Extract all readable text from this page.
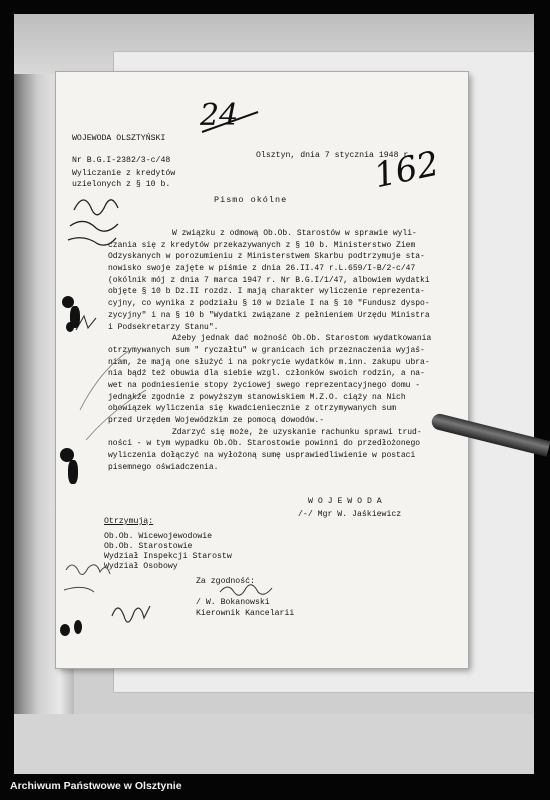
WOJEWODA OLSZTYŃSKI
Nr B.G.I-2382/3-c/48
Wyliczanie z kredytów
uzielonych z § 10 b.
Olsztyn, dnia 7 stycznia 1948 r.
24
162
Pismo okólne
W związku z odmową Ob.Ob. Starostów w sprawie wyli-
czania się z kredytów przekazywanych z § 10 b. Ministerstwo Ziem
Odzyskanych w porozumieniu z Ministerstwem Skarbu podtrzymuje sta-
nowisko swoje zajęte w piśmie z dnia 26.II.47 r.L.659/I-B/2-c/47
(okólnik mój z dnia 7 marca 1947 r. Nr B.G.I/1/47, albowiem wydatki
objęte § 10 b Dz.II rozdz. I mają charakter wyliczenie reprezenta-
cyjny, co wynika z podziału § 10 w Dziale I na § 10 "Fundusz dyspo-
zycyjny" i na § 10 b "Wydatki związane z pełnieniem Urzędu Ministra
i Podsekretarzy Stanu".
Aźeby jednak dać możność Ob.Ob. Starostom wydatkowania
otrzymywanych sum " ryczałtu" w granicach ich przeznaczenia wyjaś-
niam, że mają one służyć i na pokrycie wydatków m.inn. zakupu ubra-
nia bądź też obuwia dla siebie wzgl. członków swoich rodzin, a na-
wet na podniesienie stopy życiowej swego reprezentacyjnego domu -
jednakże zgodnie z powyższym stanowiskiem M.Z.O. ciąży na Nich
obowiązek wyliczenia się kwadcieniecznie z otrzymywanych sum
przed Urzędem Wojewódzkim ze pomocą dowodów.-
Zdarzyć się może, że uzyskanie rachunku sprawi trud-
ności - w tym wypadku Ob.Ob. Starostowie powinni do przedłożonego
wyliczenia dołączyć na wyłożoną sumę usprawiedliwienie w postaci
pisemnego oświadczenia.
W O J E W O D A
/-/ Mgr W. Jaśkiewicz
Otrzymują:
Ob.Ob. Wicewojewodowie
Ob.Ob. Starostowie
Wydział Inspekcji Starostw
Wydział Osobowy
Za zgodność:
/ W. Bokanowski
Kierownik Kancelarii
Archiwum Państwowe w Olsztynie
